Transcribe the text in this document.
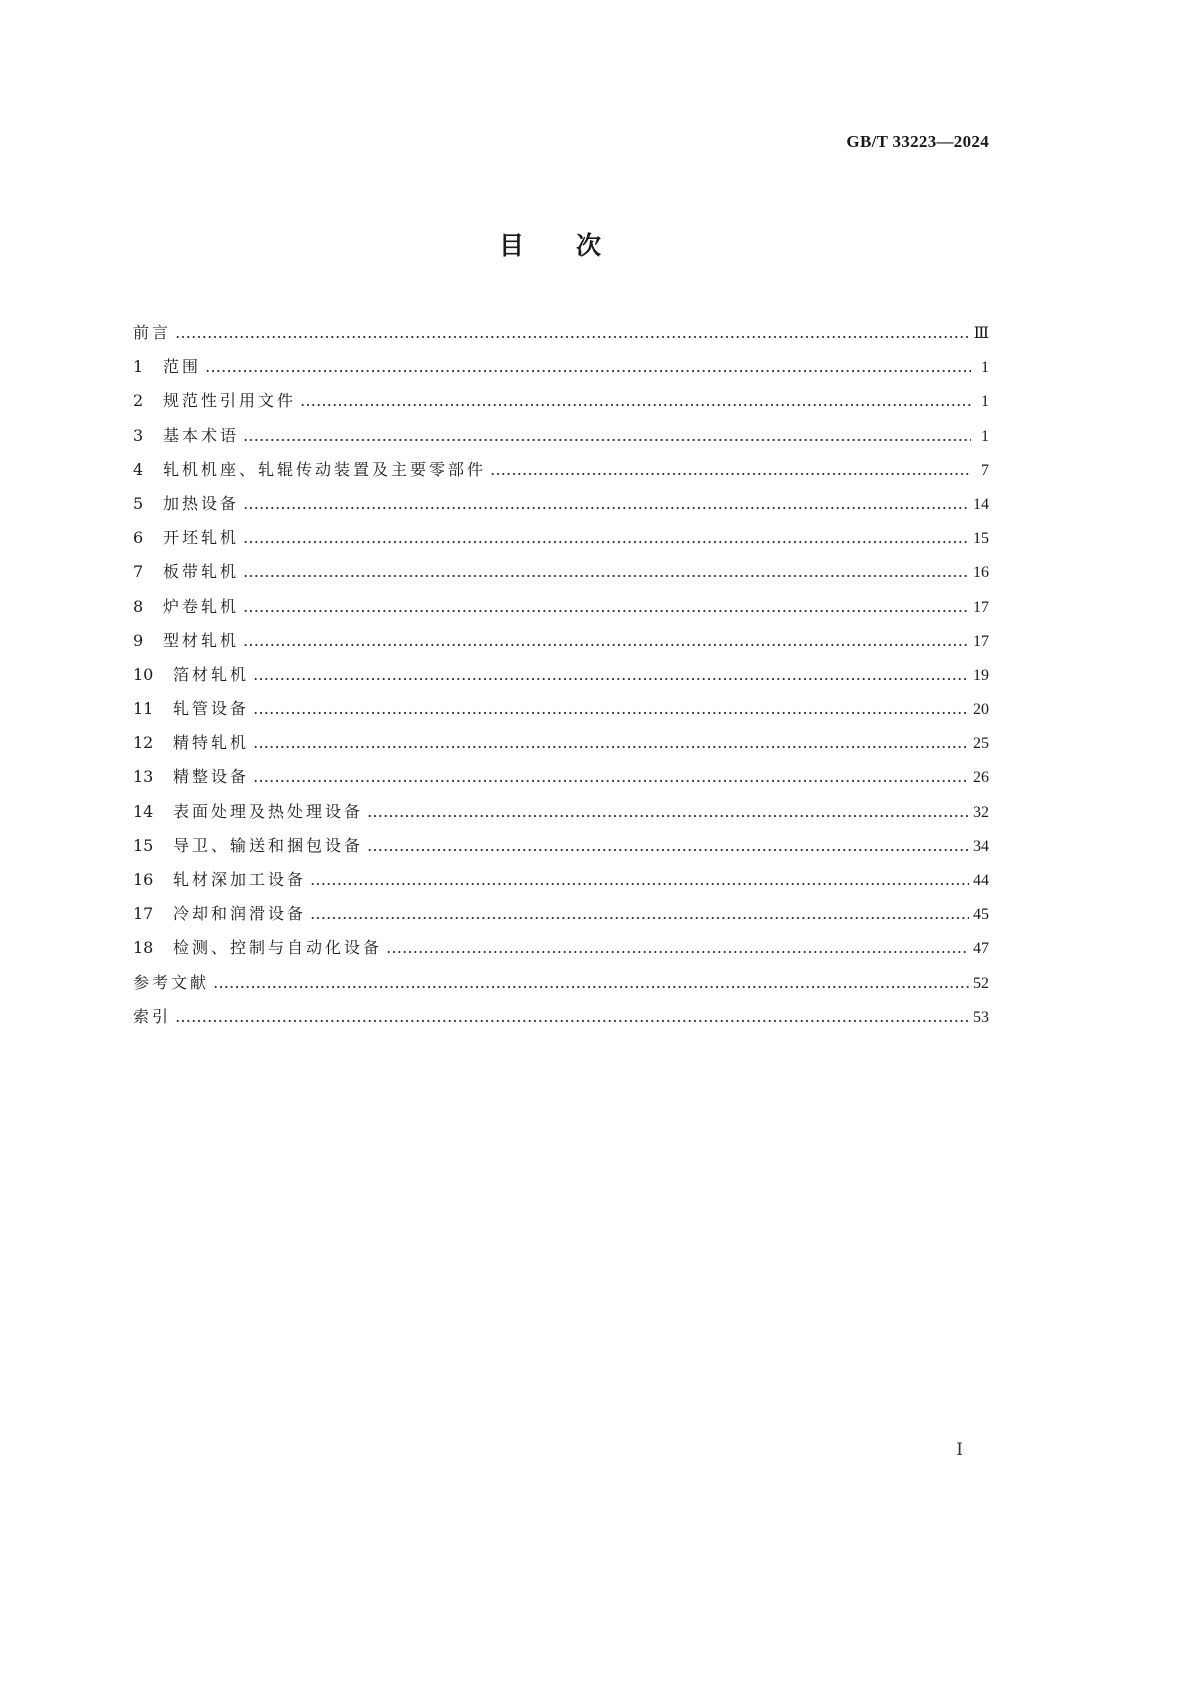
GB/T 33223—2024
目次
前言 ……………………………………………………………………………………………………………………………………………………………………………	Ⅲ
1	范围 ……………………………………………………………………………………………………………………………………………………………………………	1
2	规范性引用文件 ……………………………………………………………………………………………………………………………………………………………………………	1
3	基本术语 ……………………………………………………………………………………………………………………………………………………………………………	1
4	轧机机座、轧辊传动装置及主要零部件 ……………………………………………………………………………………………………………………………………………………………………………	7
5	加热设备 ……………………………………………………………………………………………………………………………………………………………………………	14
6	开坯轧机 ……………………………………………………………………………………………………………………………………………………………………………	15
7	板带轧机 ……………………………………………………………………………………………………………………………………………………………………………	16
8	炉卷轧机 ……………………………………………………………………………………………………………………………………………………………………………	17
9	型材轧机 ……………………………………………………………………………………………………………………………………………………………………………	17
10	箔材轧机 ……………………………………………………………………………………………………………………………………………………………………………	19
11	轧管设备 ……………………………………………………………………………………………………………………………………………………………………………	20
12	精特轧机 ……………………………………………………………………………………………………………………………………………………………………………	25
13	精整设备 ……………………………………………………………………………………………………………………………………………………………………………	26
14	表面处理及热处理设备 ……………………………………………………………………………………………………………………………………………………………………………	32
15	导卫、输送和捆包设备 ……………………………………………………………………………………………………………………………………………………………………………	34
16	轧材深加工设备 ……………………………………………………………………………………………………………………………………………………………………………	44
17	冷却和润滑设备 ……………………………………………………………………………………………………………………………………………………………………………	45
18	检测、控制与自动化设备 ……………………………………………………………………………………………………………………………………………………………………………	47
参考文献 ……………………………………………………………………………………………………………………………………………………………………………	52
索引 ……………………………………………………………………………………………………………………………………………………………………………	53
Ⅰ
